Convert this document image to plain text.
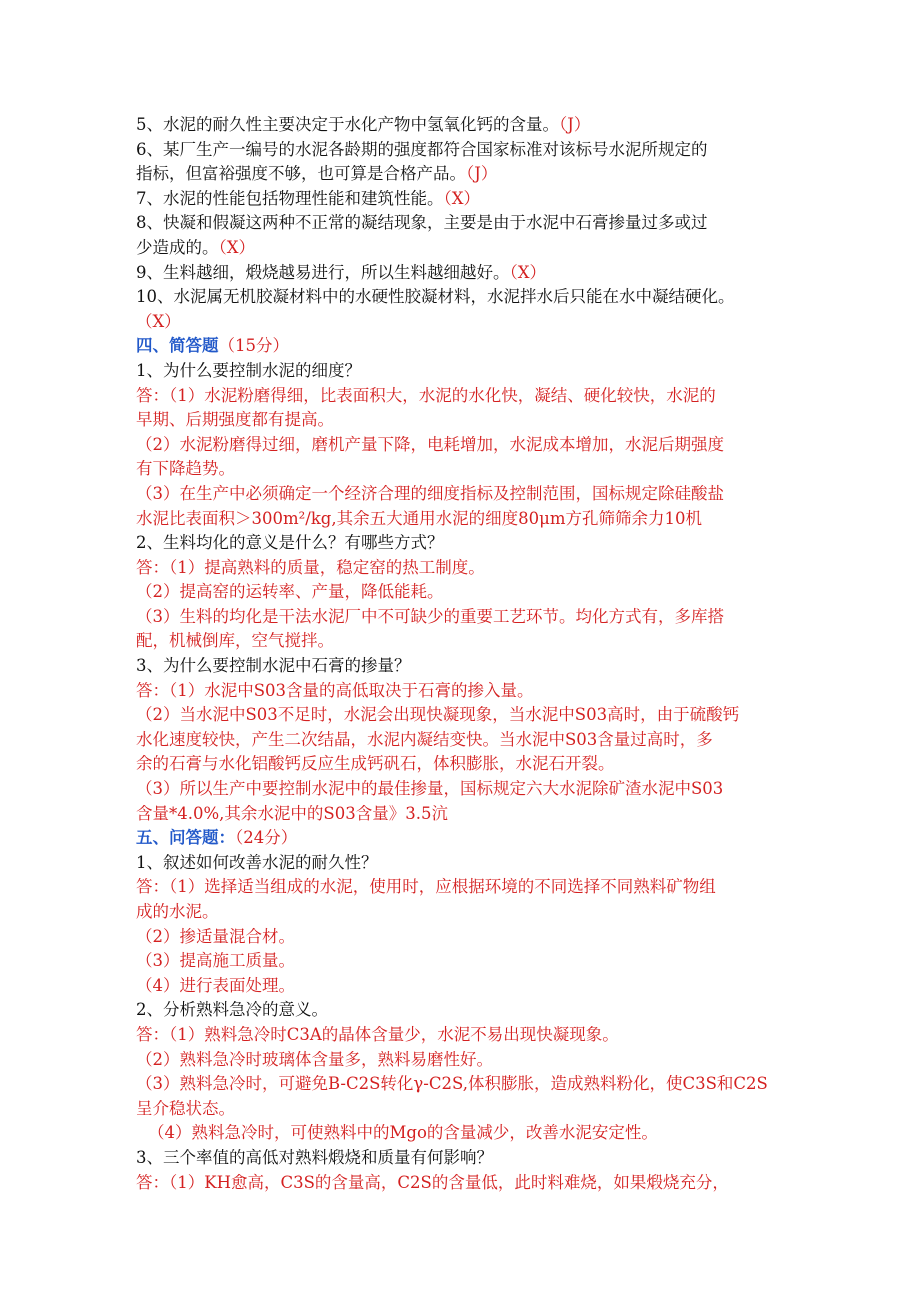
5、水泥的耐久性主要决定于水化产物中氢氧化钙的含量。（J）

6、某厂生产一编号的水泥各龄期的强度都符合国家标准对该标号水泥所规定的

指标，但富裕强度不够，也可算是合格产品。（J）

7、水泥的性能包括物理性能和建筑性能。（X）

8、快凝和假凝这两种不正常的凝结现象，主要是由于水泥中石膏掺量过多或过

少造成的。（X）

9、生料越细，煅烧越易进行，所以生料越细越好。（X）

10、水泥属无机胶凝材料中的水硬性胶凝材料，水泥拌水后只能在水中凝结硬化。

（X）

四、简答题（15分）

1、为什么要控制水泥的细度？

答：（1）水泥粉磨得细，比表面积大，水泥的水化快，凝结、硬化较快，水泥的

早期、后期强度都有提高。

（2）水泥粉磨得过细，磨机产量下降，电耗增加，水泥成本增加，水泥后期强度

有下降趋势。

（3）在生产中必须确定一个经济合理的细度指标及控制范围，国标规定除硅酸盐

水泥比表面积＞300m²/kg,其余五大通用水泥的细度80μm方孔筛筛余力10机

2、生料均化的意义是什么？有哪些方式？

答：（1）提高熟料的质量，稳定窑的热工制度。

（2）提高窑的运转率、产量，降低能耗。

（3）生料的均化是干法水泥厂中不可缺少的重要工艺环节。均化方式有，多库搭

配，机械倒库，空气搅拌。

3、为什么要控制水泥中石膏的掺量？

答：（1）水泥中S03含量的高低取决于石膏的掺入量。

（2）当水泥中S03不足时，水泥会出现快凝现象，当水泥中S03高时，由于硫酸钙

水化速度较快，产生二次结晶，水泥内凝结变快。当水泥中S03含量过高时，多

余的石膏与水化铝酸钙反应生成钙矾石，体积膨胀，水泥石开裂。

（3）所以生产中要控制水泥中的最佳掺量，国标规定六大水泥除矿渣水泥中S03

含量*4.0%,其余水泥中的S03含量》3.5沆

五、问答题：（24分）

1、叙述如何改善水泥的耐久性？

答：（1）选择适当组成的水泥，使用时，应根据环境的不同选择不同熟料矿物组

成的水泥。

（2）掺适量混合材。

（3）提高施工质量。

（4）进行表面处理。

2、分析熟料急冷的意义。

答：（1）熟料急冷时C3A的晶体含量少，水泥不易出现快凝现象。

（2）熟料急冷时玻璃体含量多，熟料易磨性好。

（3）熟料急冷时，可避免B-C2S转化γ-C2S,体积膨胀，造成熟料粉化，使C3S和C2S

呈介稳状态。

（4）熟料急冷时，可使熟料中的Mgo的含量减少，改善水泥安定性。

3、三个率值的高低对熟料煅烧和质量有何影响？

答：（1）KH愈高，C3S的含量高，C2S的含量低，此时料难烧，如果煅烧充分，
